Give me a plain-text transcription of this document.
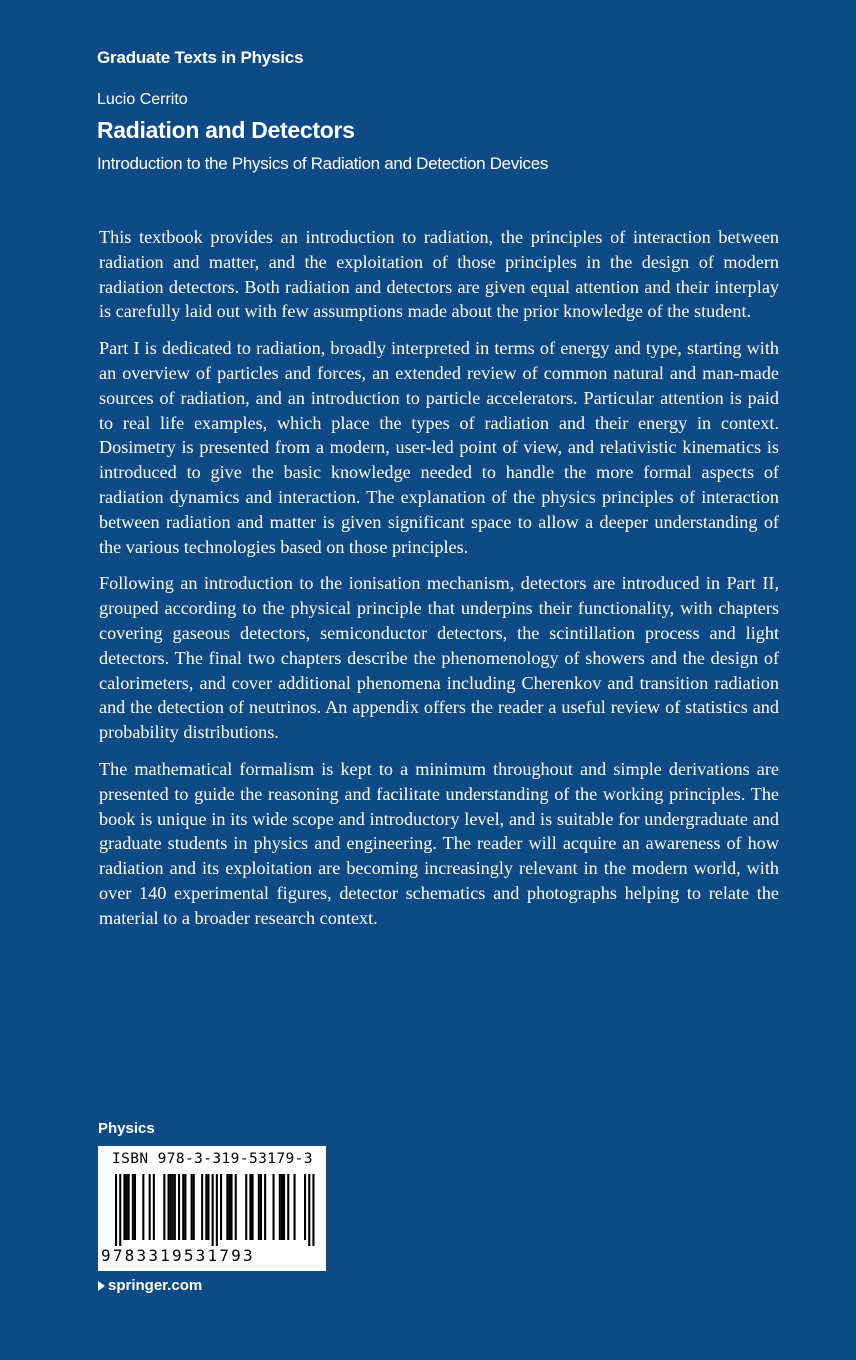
Graduate Texts in Physics
Lucio Cerrito
Radiation and Detectors
Introduction to the Physics of Radiation and Detection Devices

This textbook provides an introduction to radiation, the principles of interaction between radiation and matter, and the exploitation of those principles in the design of modern radiation detectors. Both radiation and detectors are given equal attention and their interplay is carefully laid out with few assumptions made about the prior knowledge of the student.

Part I is dedicated to radiation, broadly interpreted in terms of energy and type, starting with an overview of particles and forces, an extended review of common natural and man-made sources of radiation, and an introduction to particle accelerators. Particular attention is paid to real life examples, which place the types of radiation and their energy in context. Dosimetry is presented from a modern, user-led point of view, and relativistic kinematics is introduced to give the basic knowledge needed to handle the more formal aspects of radiation dynamics and interaction. The explanation of the physics principles of interaction between radiation and matter is given significant space to allow a deeper understanding of the various technologies based on those principles.

Following an introduction to the ionisation mechanism, detectors are introduced in Part II, grouped according to the physical principle that underpins their functionality, with chapters covering gaseous detectors, semiconductor detectors, the scintillation process and light detectors. The final two chapters describe the phenomenology of showers and the design of calorimeters, and cover additional phenomena including Cherenkov and transition radiation and the detection of neutrinos. An appendix offers the reader a useful review of statistics and probability distributions.

The mathematical formalism is kept to a minimum throughout and simple derivations are presented to guide the reasoning and facilitate understanding of the working principles. The book is unique in its wide scope and introductory level, and is suitable for undergraduate and graduate students in physics and engineering. The reader will acquire an awareness of how radiation and its exploitation are becoming increasingly relevant in the modern world, with over 140 experimental figures, detector schematics and photographs helping to relate the material to a broader research context.

Physics
ISBN 978-3-319-53179-3
9783319531793
springer.com
